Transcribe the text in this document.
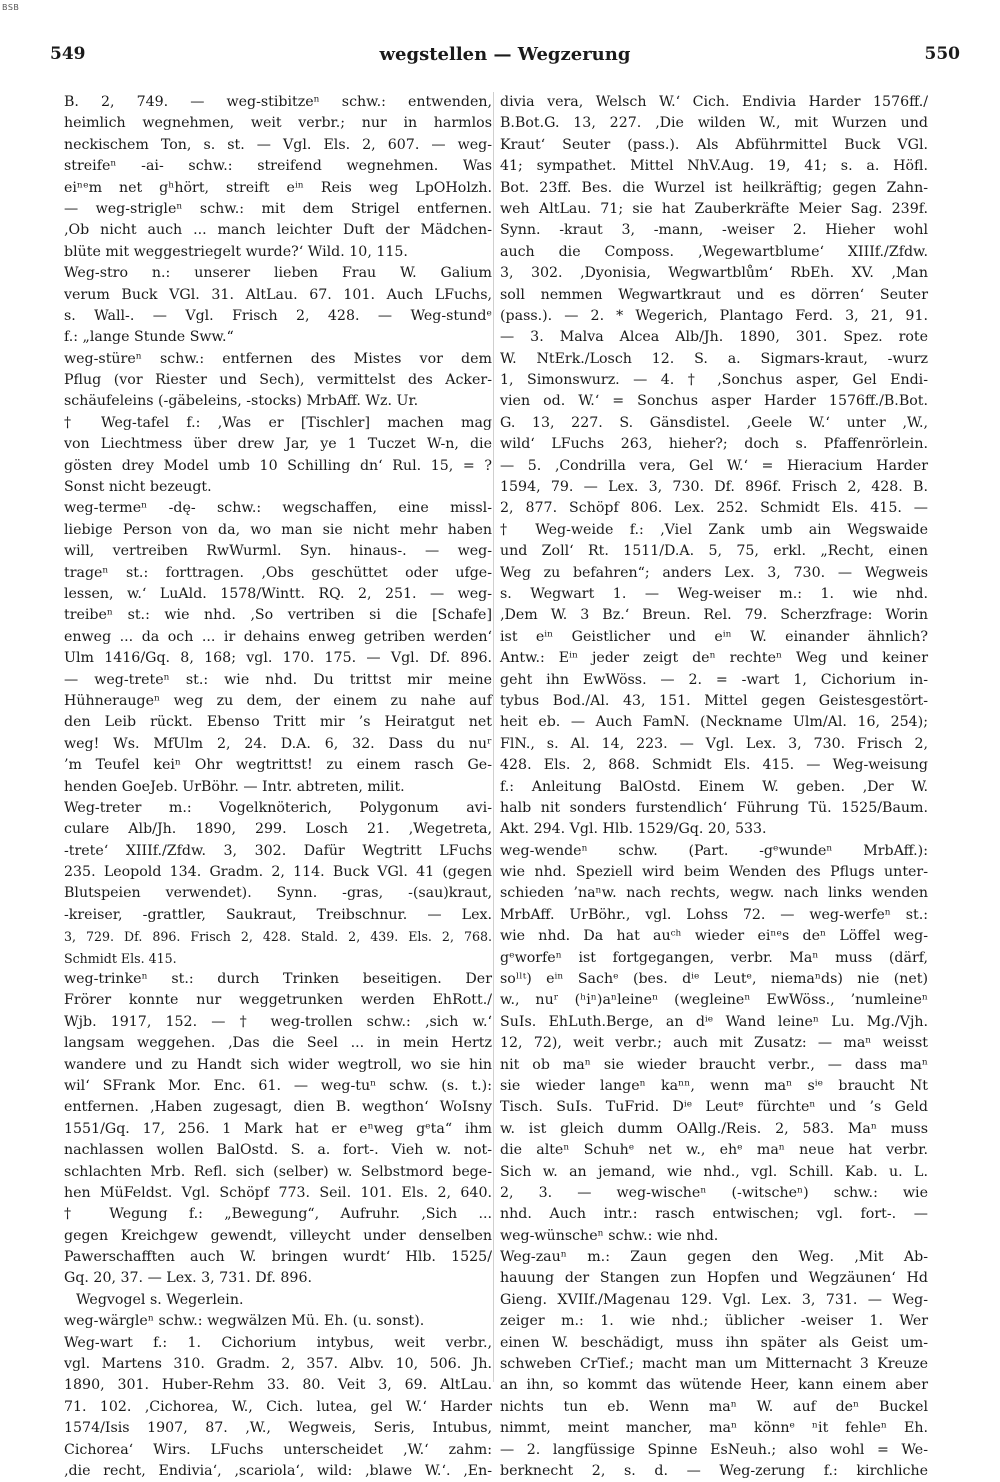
BSB
549	wegstellen — Wegzerung	550
B. 2, 749. — weg-stibitzeⁿ schw.: entwenden,
heimlich wegnehmen, weit verbr.; nur in harmlos
neckischem Ton, s. st. — Vgl. Els. 2, 607. — weg-
streifeⁿ -ai- schw.: streifend wegnehmen. Was
eiⁿᵉm net gʰhört, streift eⁱⁿ Reis weg LpOHolzh.
— weg-strigleⁿ schw.: mit dem Strigel entfernen.
‚Ob nicht auch ... manch leichter Duft der Mädchen-
blüte mit weggestriegelt wurde?‘ Wild. 10, 115.
Weg-stro n.: unserer lieben Frau W. Galium
verum Buck VGl. 31. AltLau. 67. 101. Auch LFuchs,
s. Wall-. — Vgl. Frisch 2, 428. — Weg-stundᵉ
f.: „lange Stunde Sww.“
weg-stüreⁿ schw.: entfernen des Mistes vor dem
Pflug (vor Riester und Sech), vermittelst des Acker-
schäufeleins (-gäbeleins, -stocks) MrbAff. Wz. Ur.
† Weg-tafel f.: ‚Was er [Tischler] machen mag
von Liechtmess über drew Jar, ye 1 Tuczet W-n, die
gösten drey Model umb 10 Schilling dn‘ Rul. 15, = ?
Sonst nicht bezeugt.
weg-termeⁿ -dę- schw.: wegschaffen, eine missl-
liebige Person von da, wo man sie nicht mehr haben
will, vertreiben RwWurml. Syn. hinaus-. — weg-
trageⁿ st.: forttragen. ‚Obs geschüttet oder ufge-
lessen, w.‘ LuAld. 1578/Wintt. RQ. 2, 251. — weg-
treibeⁿ st.: wie nhd. ‚So vertriben si die [Schafe]
enweg ... da och ... ir dehains enweg getriben werden‘
Ulm 1416/Gq. 8, 168; vgl. 170. 175. — Vgl. Df. 896.
— weg-treteⁿ st.: wie nhd. Du trittst mir meine
Hühneraugeⁿ weg zu dem, der einem zu nahe auf
den Leib rückt. Ebenso Tritt mir ’s Heiratgut net
weg! Ws. MfUlm 2, 24. D.A. 6, 32. Dass du nuʳ
’m Teufel keiⁿ Ohr wegtrittst! zu einem rasch Ge-
henden GoeJeb. UrBöhr. — Intr. abtreten, milit.
Weg-treter m.: Vogelknöterich, Polygonum avi-
culare Alb/Jh. 1890, 299. Losch 21. ‚Wegetreta,
-trete‘ XIIIf./Zfdw. 3, 302. Dafür Wegtritt LFuchs
235. Leopold 134. Gradm. 2, 114. Buck VGl. 41 (gegen
Blutspeien verwendet). Synn. -gras, -(sau)kraut,
-kreiser, -grattler, Saukraut, Treibschnur. — Lex.
3, 729. Df. 896. Frisch 2, 428. Stald. 2, 439. Els. 2, 768.
Schmidt Els. 415.
weg-trinkeⁿ st.: durch Trinken beseitigen. Der
Frörer konnte nur weggetrunken werden EhRott./
Wjb. 1917, 152. — † weg-trollen schw.: ‚sich w.‘
langsam weggehen. ‚Das die Seel ... in mein Hertz
wandere und zu Handt sich wider wegtroll, wo sie hin
wil‘ SFrank Mor. Enc. 61. — weg-tuⁿ schw. (s. t.):
entfernen. ‚Haben zugesagt, dien B. wegthon‘ WoIsny
1551/Gq. 17, 256. 1 Mark hat er eⁿweg gᵉta“ ihm
nachlassen wollen BalOstd. S. a. fort-. Vieh w. not-
schlachten Mrb. Refl. sich (selber) w. Selbstmord bege-
hen MüFeldst. Vgl. Schöpf 773. Seil. 101. Els. 2, 640.
† Wegung f.: „Bewegung“, Aufruhr. ‚Sich ...
gegen Kreichgew gewendt, villeycht under denselben
Pawerschafften auch W. bringen wurdt‘ Hlb. 1525/
Gq. 20, 37. — Lex. 3, 731. Df. 896.
Wegvogel s. Wegerlein.
weg-wärgleⁿ schw.: wegwälzen Mü. Eh. (u. sonst).
Weg-wart f.: 1. Cichorium intybus, weit verbr.,
vgl. Martens 310. Gradm. 2, 357. Albv. 10, 506. Jh.
1890, 301. Huber-Rehm 33. 80. Veit 3, 69. AltLau.
71. 102. ‚Cichorea, W., Cich. lutea, gel W.‘ Harder
1574/Isis 1907, 87. ‚W., Wegweis, Seris, Intubus,
Cichorea‘ Wirs. LFuchs unterscheidet ‚W.‘ zahm:
‚die recht, Endivia‘, ‚scariola‘, wild: ‚blawe W.‘. ‚En-
divia vera, Welsch W.‘ Cich. Endivia Harder 1576ff./
B.Bot.G. 13, 227. ‚Die wilden W., mit Wurzen und
Kraut‘ Seuter (pass.). Als Abführmittel Buck VGl.
41; sympathet. Mittel NhV.Aug. 19, 41; s. a. Höfl.
Bot. 23ff. Bes. die Wurzel ist heilkräftig; gegen Zahn-
weh AltLau. 71; sie hat Zauberkräfte Meier Sag. 239f.
Synn. -kraut 3, -mann, -weiser 2. Hieher wohl
auch die Composs. ‚Wegewartblume‘ XIIIf./Zfdw.
3, 302. ‚Dyonisia, Wegwartblům‘ RbEh. XV. ‚Man
soll nemmen Wegwartkraut und es dörren‘ Seuter
(pass.). — 2. * Wegerich, Plantago Ferd. 3, 21, 91.
— 3. Malva Alcea Alb/Jh. 1890, 301. Spez. rote
W. NtErk./Losch 12. S. a. Sigmars-kraut, -wurz
1, Simonswurz. — 4. † ‚Sonchus asper, Gel Endi-
vien od. W.‘ = Sonchus asper Harder 1576ff./B.Bot.
G. 13, 227. S. Gänsdistel. ‚Geele W.‘ unter ‚W.,
wild‘ LFuchs 263, hieher?; doch s. Pfaffenrörlein.
— 5. ‚Condrilla vera, Gel W.‘ = Hieracium Harder
1594, 79. — Lex. 3, 730. Df. 896f. Frisch 2, 428. B.
2, 877. Schöpf 806. Lex. 252. Schmidt Els. 415. —
† Weg-weide f.: ‚Viel Zank umb ain Wegswaide
und Zoll‘ Rt. 1511/D.A. 5, 75, erkl. „Recht, einen
Weg zu befahren“; anders Lex. 3, 730. — Wegweis
s. Wegwart 1. — Weg-weiser m.: 1. wie nhd.
‚Dem W. 3 Bz.‘ Breun. Rel. 79. Scherzfrage: Worin
ist eⁱⁿ Geistlicher und eⁱⁿ W. einander ähnlich?
Antw.: Eⁱⁿ jeder zeigt deⁿ rechteⁿ Weg und keiner
geht ihn EwWöss. — 2. = -wart 1, Cichorium in-
tybus Bod./Al. 43, 151. Mittel gegen Geistesgestört-
heit eb. — Auch FamN. (Neckname Ulm/Al. 16, 254);
FlN., s. Al. 14, 223. — Vgl. Lex. 3, 730. Frisch 2,
428. Els. 2, 868. Schmidt Els. 415. — Weg-weisung
f.: Anleitung BalOstd. Einem W. geben. ‚Der W.
halb nit sonders furstendlich‘ Führung Tü. 1525/Baum.
Akt. 294. Vgl. Hlb. 1529/Gq. 20, 533.
weg-wendeⁿ schw. (Part. -gᵉwundeⁿ MrbAff.):
wie nhd. Speziell wird beim Wenden des Pflugs unter-
schieden ’naⁿw. nach rechts, wegw. nach links wenden
MrbAff. UrBöhr., vgl. Lohss 72. — weg-werfeⁿ st.:
wie nhd. Da hat auᶜʰ wieder eiⁿᵉs deⁿ Löffel weg-
gᵉworfeⁿ ist fortgegangen, verbr. Maⁿ muss (därf,
soˡˡᵗ) eⁱⁿ Sachᵉ (bes. dⁱᵉ Leutᵉ, niemaⁿds) nie (net)
w., nuʳ (ʰiⁿ)aⁿleineⁿ (wegleineⁿ EwWöss., ’numleineⁿ
SuIs. EhLuth.Berge, an dⁱᵉ Wand leineⁿ Lu. Mg./Vjh.
12, 72), weit verbr.; auch mit Zusatz: — maⁿ weisst
nit ob maⁿ sie wieder braucht verbr., — dass maⁿ
sie wieder langeⁿ kaⁿⁿ, wenn maⁿ sⁱᵉ braucht Nt
Tisch. SuIs. TuFrid. Dⁱᵉ Leutᵉ fürchteⁿ und ’s Geld
w. ist gleich dumm OAllg./Reis. 2, 583. Maⁿ muss
die alteⁿ Schuhᵉ net w., ehᵉ maⁿ neue hat verbr.
Sich w. an jemand, wie nhd., vgl. Schill. Kab. u. L.
2, 3. — weg-wischeⁿ (-witscheⁿ) schw.: wie
nhd. Auch intr.: rasch entwischen; vgl. fort-. —
weg-wünscheⁿ schw.: wie nhd.
Weg-zauⁿ m.: Zaun gegen den Weg. ‚Mit Ab-
hauung der Stangen zun Hopfen und Wegzäunen‘ Hd
Gieng. XVIIf./Magenau 129. Vgl. Lex. 3, 731. — Weg-
zeiger m.: 1. wie nhd.; üblicher -weiser 1. Wer
einen W. beschädigt, muss ihn später als Geist um-
schweben CrTief.; macht man um Mitternacht 3 Kreuze
an ihn, so kommt das wütende Heer, kann einem aber
nichts tun eb. Wenn maⁿ W. auf deⁿ Buckel
nimmt, meint mancher, maⁿ könnᵉ ⁿit fehleⁿ Eh.
— 2. langfüssige Spinne EsNeuh.; also wohl = We-
berknecht 2, s. d. — Weg-zerung f.: kirchliche
